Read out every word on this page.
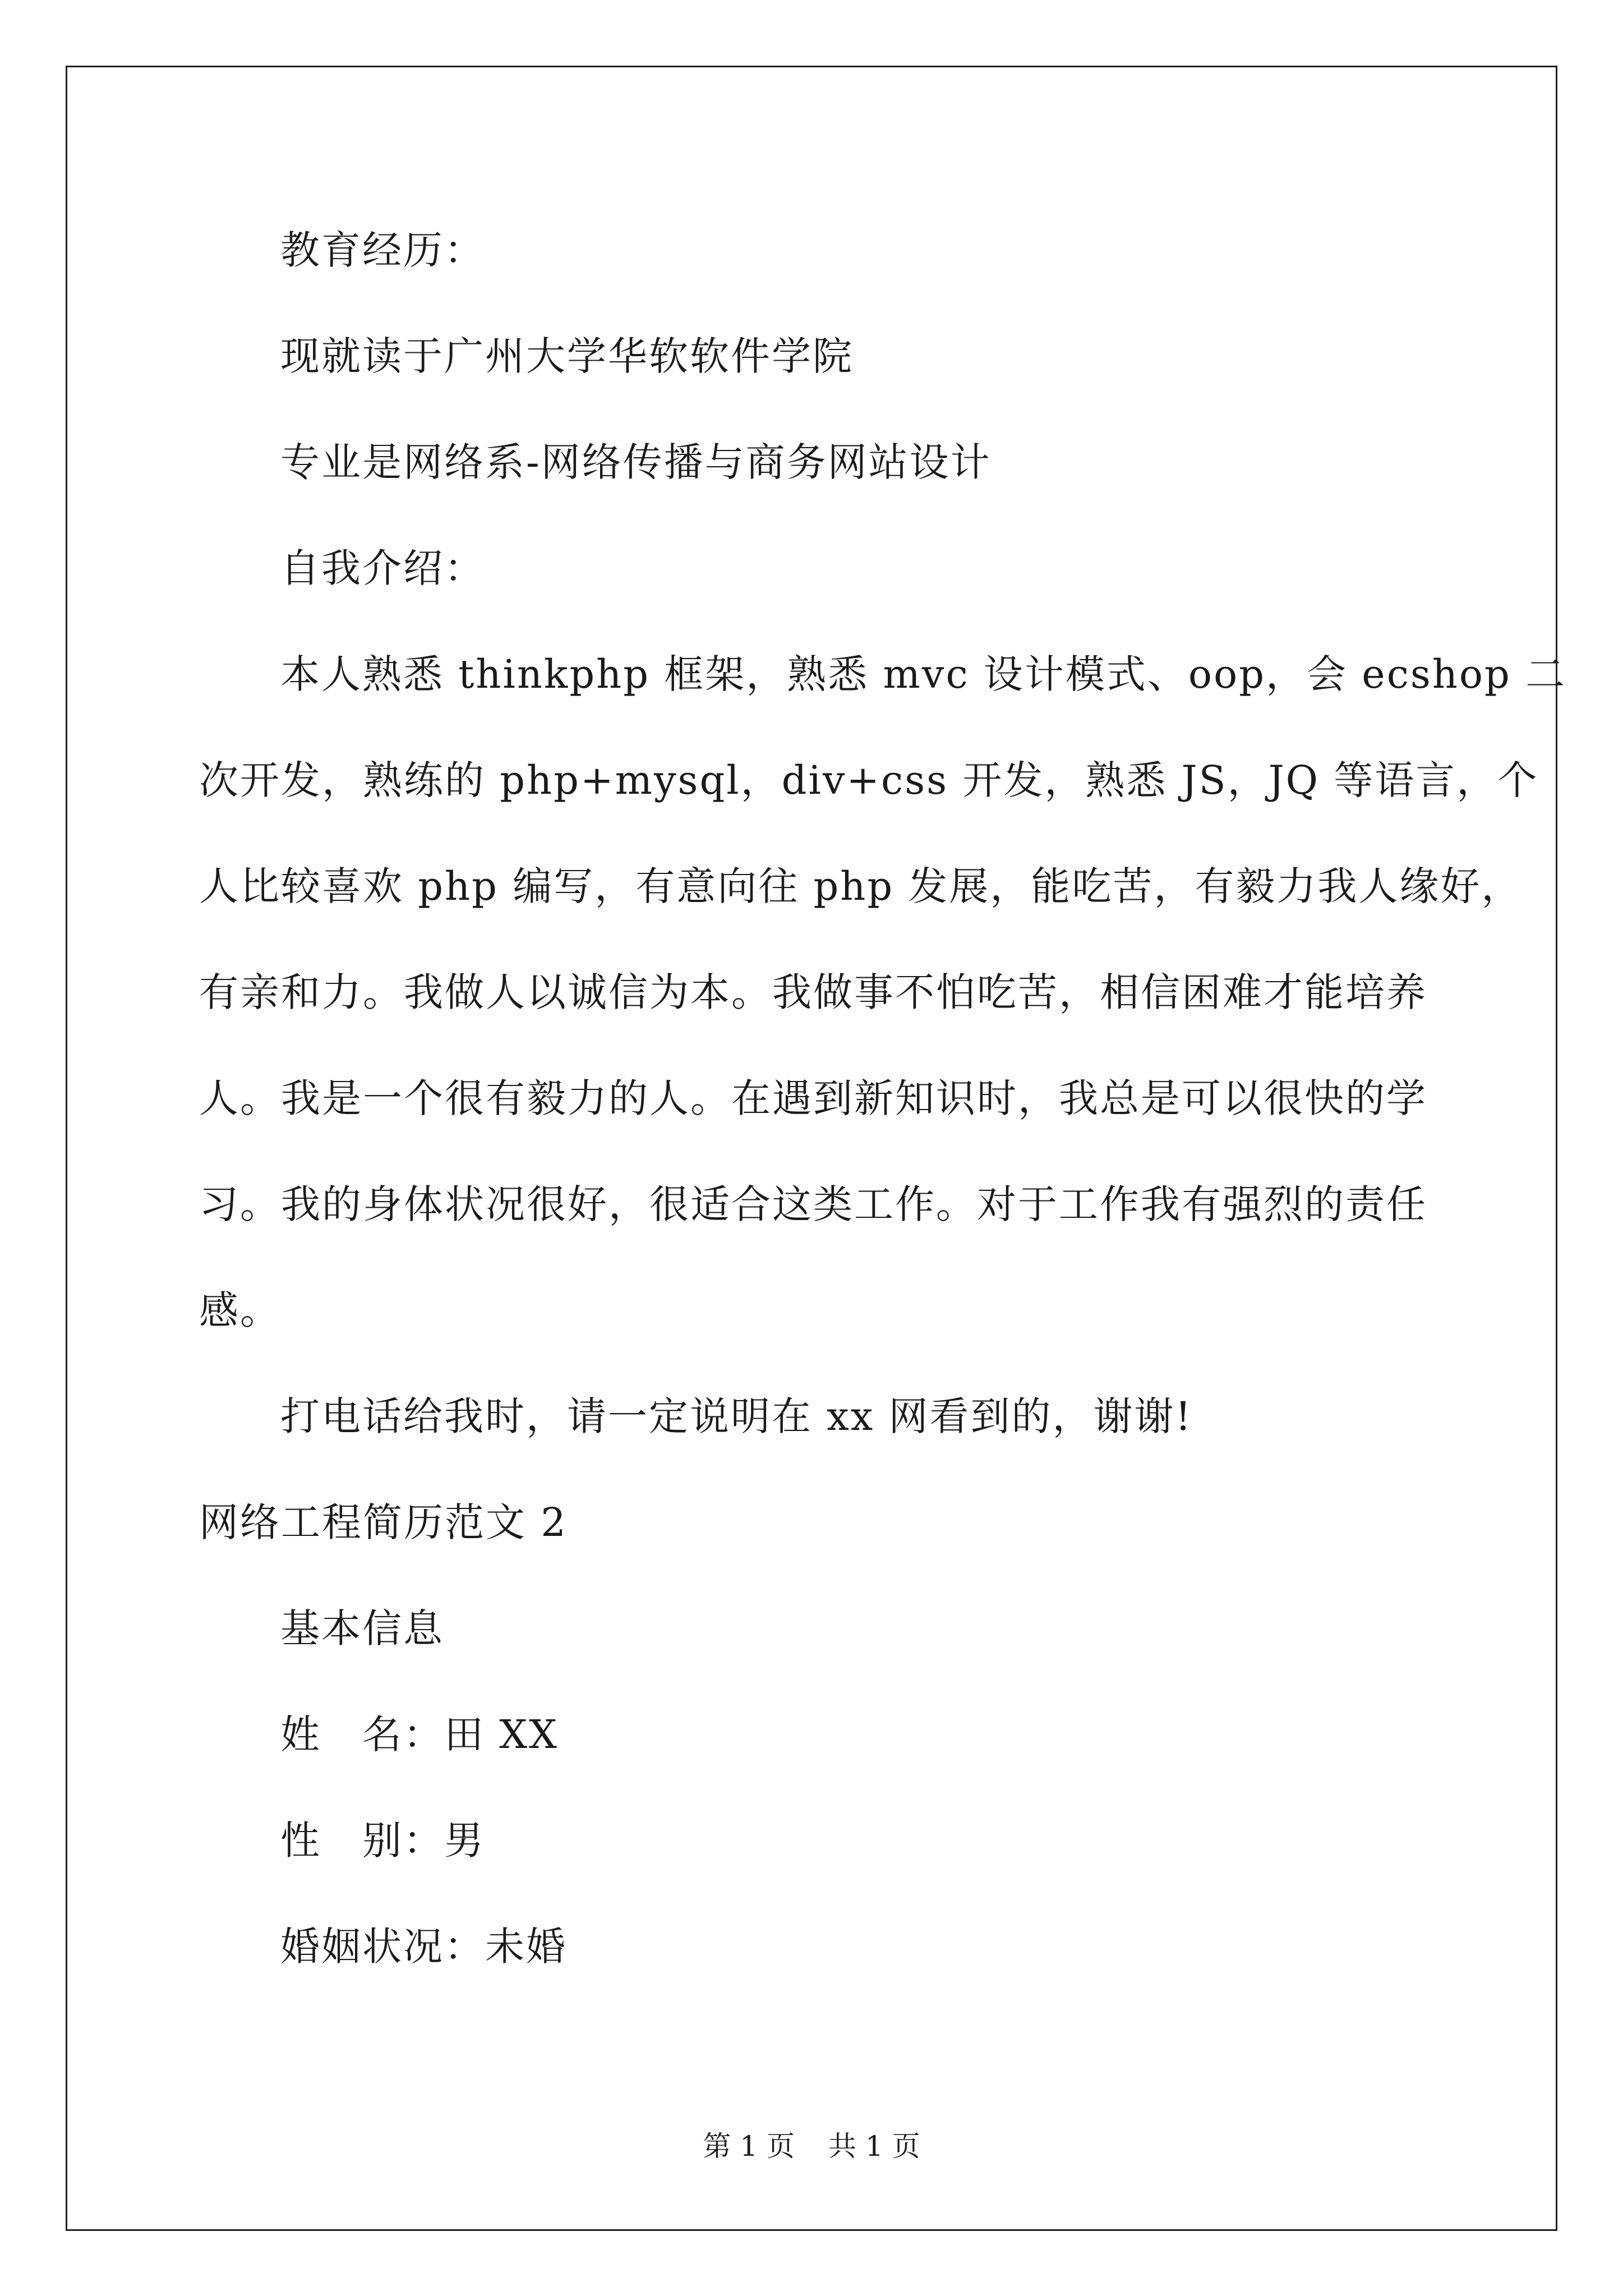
教育经历：
现就读于广州大学华软软件学院
专业是网络系-网络传播与商务网站设计
自我介绍：
本人熟悉 thinkphp 框架，熟悉 mvc 设计模式、oop，会 ecshop 二
次开发，熟练的 php+mysql，div+css 开发，熟悉 JS，JQ 等语言，个
人比较喜欢 php 编写，有意向往 php 发展，能吃苦，有毅力我人缘好，
有亲和力。我做人以诚信为本。我做事不怕吃苦，相信困难才能培养
人。我是一个很有毅力的人。在遇到新知识时，我总是可以很快的学
习。我的身体状况很好，很适合这类工作。对于工作我有强烈的责任
感。
打电话给我时，请一定说明在 xx 网看到的，谢谢!
网络工程简历范文 2
基本信息
姓　名：田 XX
性　别：男
婚姻状况：未婚
第 1 页 共 1 页
